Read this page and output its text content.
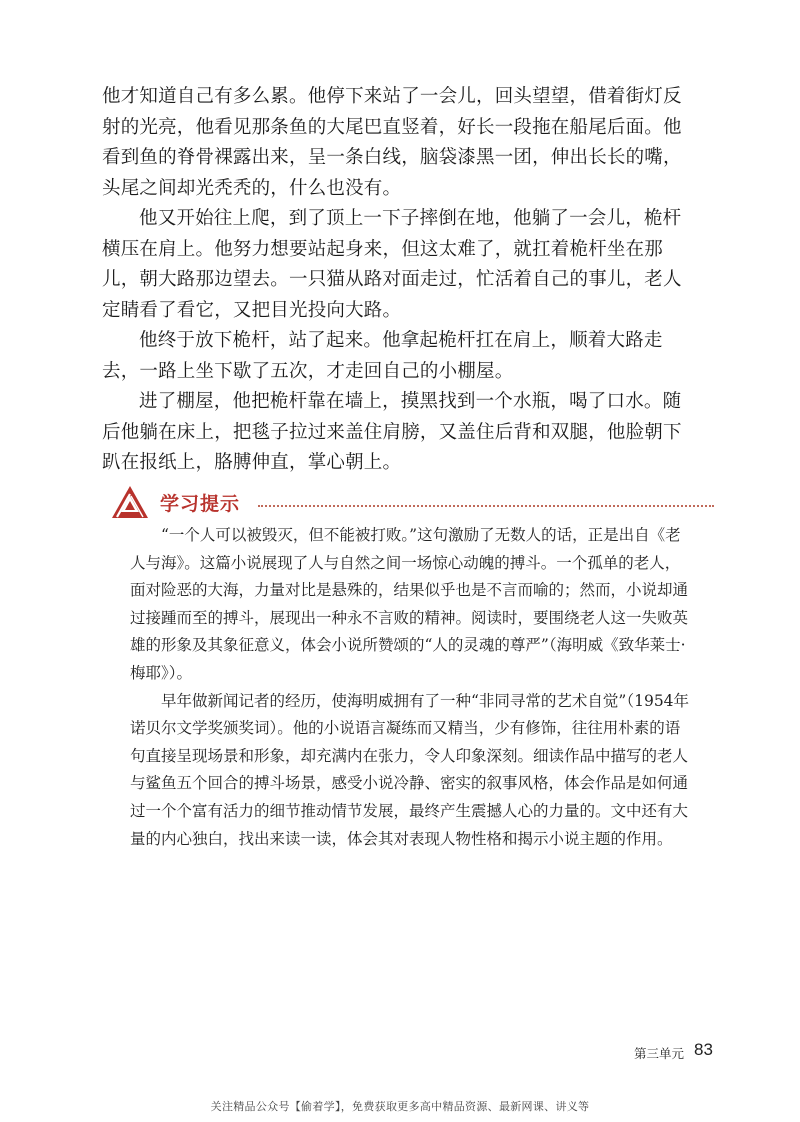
他才知道自己有多么累。他停下来站了一会儿，回头望望，借着街灯反射的光亮，他看见那条鱼的大尾巴直竖着，好长一段拖在船尾后面。他看到鱼的脊骨裸露出来，呈一条白线，脑袋漆黑一团，伸出长长的嘴，头尾之间却光秃秃的，什么也没有。

他又开始往上爬，到了顶上一下子摔倒在地，他躺了一会儿，桅杆横压在肩上。他努力想要站起身来，但这太难了，就扛着桅杆坐在那儿，朝大路那边望去。一只猫从路对面走过，忙活着自己的事儿，老人定睛看了看它，又把目光投向大路。

他终于放下桅杆，站了起来。他拿起桅杆扛在肩上，顺着大路走去，一路上坐下歇了五次，才走回自己的小棚屋。

进了棚屋，他把桅杆靠在墙上，摸黑找到一个水瓶，喝了口水。随后他躺在床上，把毯子拉过来盖住肩膀，又盖住后背和双腿，他脸朝下趴在报纸上，胳膊伸直，掌心朝上。

学习提示

“一个人可以被毁灭，但不能被打败。”这句激励了无数人的话，正是出自《老人与海》。这篇小说展现了人与自然之间一场惊心动魄的搏斗。一个孤单的老人，面对险恶的大海，力量对比是悬殊的，结果似乎也是不言而喻的；然而，小说却通过接踵而至的搏斗，展现出一种永不言败的精神。阅读时，要围绕老人这一失败英雄的形象及其象征意义，体会小说所赞颂的“人的灵魂的尊严”（海明威《致华莱士·梅耶》）。

早年做新闻记者的经历，使海明威拥有了一种“非同寻常的艺术自觉”（1954年诺贝尔文学奖颁奖词）。他的小说语言凝练而又精当，少有修饰，往往用朴素的语句直接呈现场景和形象，却充满内在张力，令人印象深刻。细读作品中描写的老人与鲨鱼五个回合的搏斗场景，感受小说冷静、密实的叙事风格，体会作品是如何通过一个个富有活力的细节推动情节发展，最终产生震撼人心的力量的。文中还有大量的内心独白，找出来读一读，体会其对表现人物性格和揭示小说主题的作用。

第三单元 83
关注精品公众号【偷着学】，免费获取更多高中精品资源、最新网课、讲义等
